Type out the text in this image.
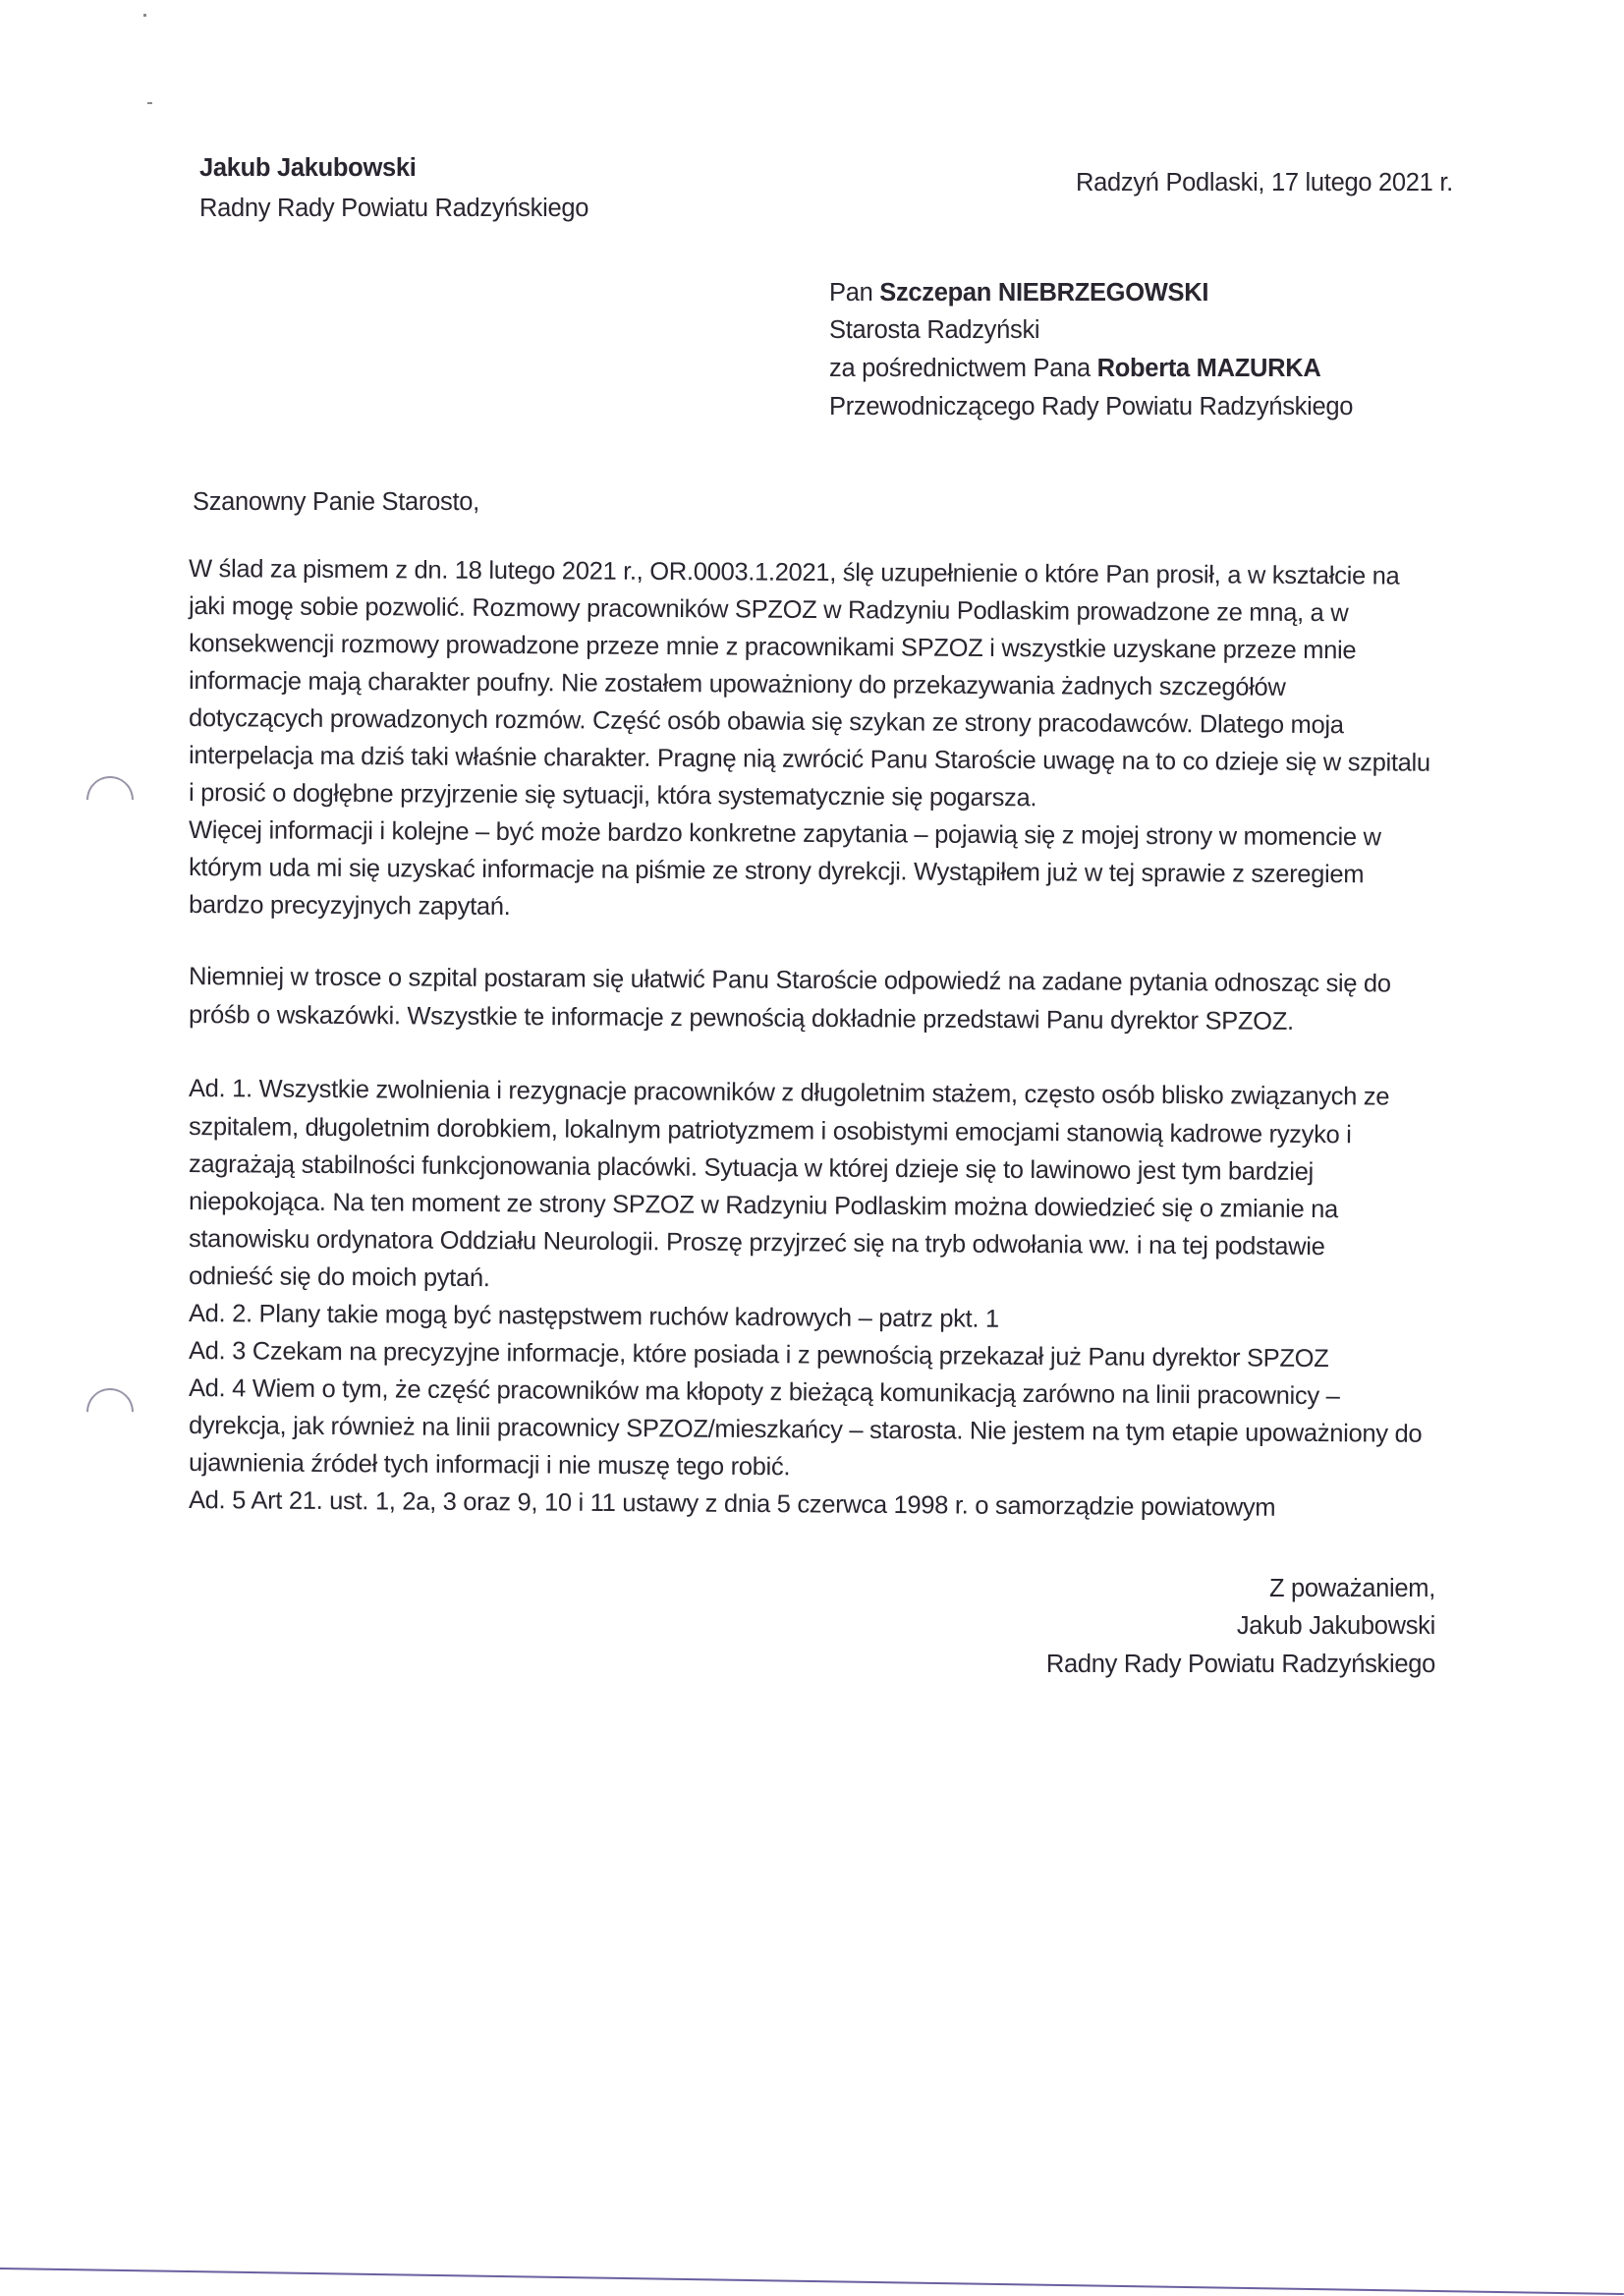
Jakub Jakubowski
Radny Rady Powiatu Radzyńskiego
Radzyń Podlaski, 17 lutego 2021 r.
Pan Szczepan NIEBRZEGOWSKI
Starosta Radzyński
za pośrednictwem Pana Roberta MAZURKA
Przewodniczącego Rady Powiatu Radzyńskiego
Szanowny Panie Starosto,
W ślad za pismem z dn. 18 lutego 2021 r., OR.0003.1.2021, ślę uzupełnienie o które Pan prosił, a w kształcie na
jaki mogę sobie pozwolić. Rozmowy pracowników SPZOZ w Radzyniu Podlaskim prowadzone ze mną, a w
konsekwencji rozmowy prowadzone przeze mnie z pracownikami SPZOZ i wszystkie uzyskane przeze mnie
informacje mają charakter poufny. Nie zostałem upoważniony do przekazywania żadnych szczegółów
dotyczących prowadzonych rozmów. Część osób obawia się szykan ze strony pracodawców. Dlatego moja
interpelacja ma dziś taki właśnie charakter. Pragnę nią zwrócić Panu Staroście uwagę na to co dzieje się w szpitalu
i prosić o dogłębne przyjrzenie się sytuacji, która systematycznie się pogarsza.
Więcej informacji i kolejne – być może bardzo konkretne zapytania – pojawią się z mojej strony w momencie w
którym uda mi się uzyskać informacje na piśmie ze strony dyrekcji. Wystąpiłem już w tej sprawie z szeregiem
bardzo precyzyjnych zapytań.
Niemniej w trosce o szpital postaram się ułatwić Panu Staroście odpowiedź na zadane pytania odnosząc się do
próśb o wskazówki. Wszystkie te informacje z pewnością dokładnie przedstawi Panu dyrektor SPZOZ.
Ad. 1. Wszystkie zwolnienia i rezygnacje pracowników z długoletnim stażem, często osób blisko związanych ze
szpitalem, długoletnim dorobkiem, lokalnym patriotyzmem i osobistymi emocjami stanowią kadrowe ryzyko i
zagrażają stabilności funkcjonowania placówki. Sytuacja w której dzieje się to lawinowo jest tym bardziej
niepokojąca. Na ten moment ze strony SPZOZ w Radzyniu Podlaskim można dowiedzieć się o zmianie na
stanowisku ordynatora Oddziału Neurologii. Proszę przyjrzeć się na tryb odwołania ww. i na tej podstawie
odnieść się do moich pytań.
Ad. 2. Plany takie mogą być następstwem ruchów kadrowych – patrz pkt. 1
Ad. 3 Czekam na precyzyjne informacje, które posiada i z pewnością przekazał już Panu dyrektor SPZOZ
Ad. 4 Wiem o tym, że część pracowników ma kłopoty z bieżącą komunikacją zarówno na linii pracownicy –
dyrekcja, jak również na linii pracownicy SPZOZ/mieszkańcy – starosta. Nie jestem na tym etapie upoważniony do
ujawnienia źródeł tych informacji i nie muszę tego robić.
Ad. 5 Art 21. ust. 1, 2a, 3 oraz 9, 10 i 11 ustawy z dnia 5 czerwca 1998 r. o samorządzie powiatowym
Z poważaniem,
Jakub Jakubowski
Radny Rady Powiatu Radzyńskiego
